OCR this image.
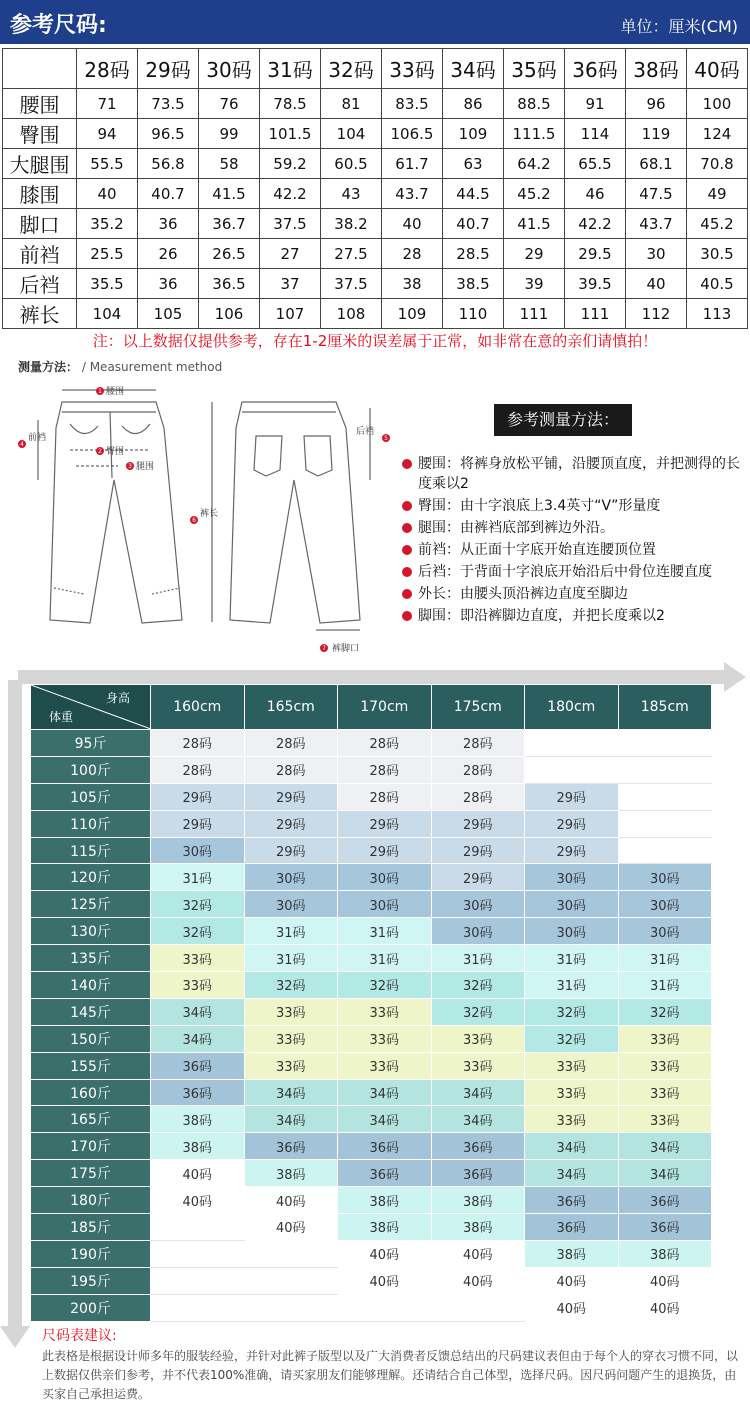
参考尺码:	单位：厘米(CM)
	28码	29码	30码	31码	32码	33码	34码	35码	36码	38码	40码
腰围	71	73.5	76	78.5	81	83.5	86	88.5	91	96	100
臀围	94	96.5	99	101.5	104	106.5	109	111.5	114	119	124
大腿围	55.5	56.8	58	59.2	60.5	61.7	63	64.2	65.5	68.1	70.8
膝围	40	40.7	41.5	42.2	43	43.7	44.5	45.2	46	47.5	49
脚口	35.2	36	36.7	37.5	38.2	40	40.7	41.5	42.2	43.7	45.2
前裆	25.5	26	26.5	27	27.5	28	28.5	29	29.5	30	30.5
后裆	35.5	36	36.5	37	37.5	38	38.5	39	39.5	40	40.5
裤长	104	105	106	107	108	109	110	111	111	112	113
注：以上数据仅提供参考，存在1-2厘米的误差属于正常，如非常在意的亲们请慎拍！
测量方法： / Measurement method
1
2
3
4
5
6
7
腰围
臀围
腿围
前裆
后裆
裤长
裤脚口
参考测量方法：
腰围：将裤身放松平铺，沿腰顶直度，并把测得的长度乘以2
臀围：由十字浪底上3.4英寸“V”形量度
腿围：由裤裆底部到裤边外沿。
前裆：从正面十字底开始直连腰顶位置
后裆：于背面十字浪底开始沿后中骨位连腰直度
外长：由腰头顶沿裤边直度至脚边
脚围：即沿裤脚边直度，并把长度乘以2
身高
体重	160cm	165cm	170cm	175cm	180cm	185cm
95斤	28码	28码	28码	28码		
100斤	28码	28码	28码	28码		
105斤	29码	29码	28码	28码	29码	
110斤	29码	29码	29码	29码	29码	
115斤	30码	29码	29码	29码	29码	
120斤	31码	30码	30码	29码	30码	30码
125斤	32码	30码	30码	30码	30码	30码
130斤	32码	31码	31码	30码	30码	30码
135斤	33码	31码	31码	31码	31码	31码
140斤	33码	32码	32码	32码	31码	31码
145斤	34码	33码	33码	32码	32码	32码
150斤	34码	33码	33码	33码	32码	33码
155斤	36码	33码	33码	33码	33码	33码
160斤	36码	34码	34码	34码	33码	33码
165斤	38码	34码	34码	34码	33码	33码
170斤	38码	36码	36码	36码	34码	34码
175斤	40码	38码	36码	36码	34码	34码
180斤	40码	40码	38码	38码	36码	36码
185斤		40码	38码	38码	36码	36码
190斤			40码	40码	38码	38码
195斤			40码	40码	40码	40码
200斤					40码	40码
尺码表建议:
此表格是根据设计师多年的服装经验，并针对此裤子版型以及广大消费者反馈总结出的尺码建议表但由于每个人的穿衣习惯不同，以上数据仅供亲们参考，并不代表100%准确，请买家朋友们能够理解。还请结合自己体型，选择尺码。因尺码问题产生的退换货，由买家自己承担运费。
